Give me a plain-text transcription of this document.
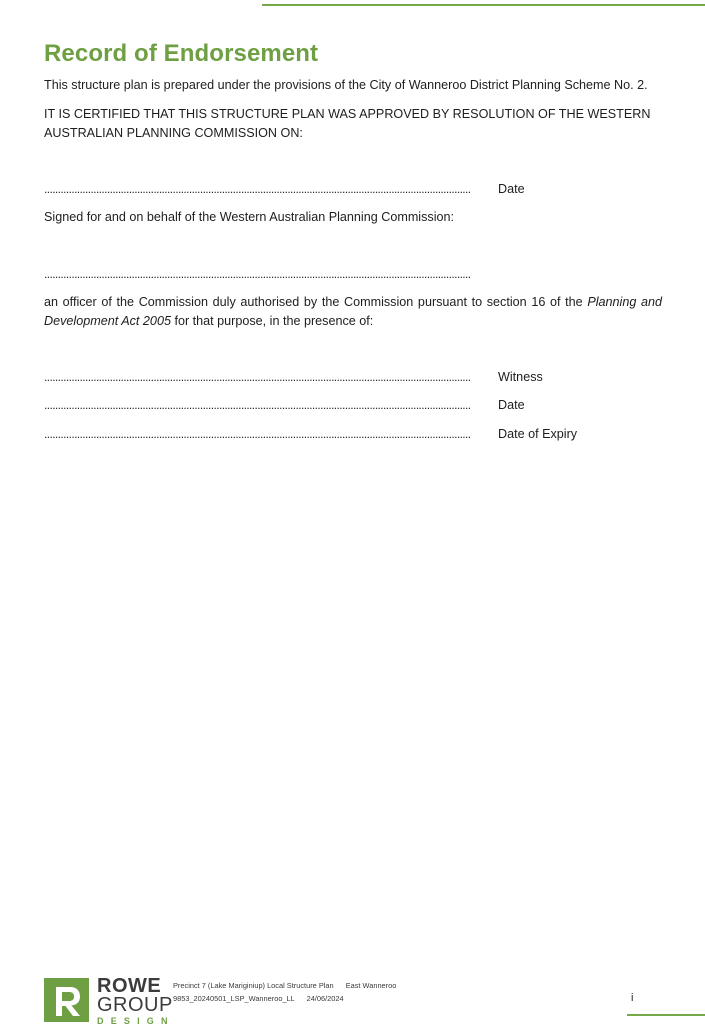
Record of Endorsement

This structure plan is prepared under the provisions of the City of Wanneroo District Planning Scheme No. 2.

IT IS CERTIFIED THAT THIS STRUCTURE PLAN WAS APPROVED BY RESOLUTION OF THE WESTERN AUSTRALIAN PLANNING COMMISSION ON:

............................................................................................................................................................	Date

Signed for and on behalf of the Western Australian Planning Commission:

............................................................................................................................................................

an officer of the Commission duly authorised by the Commission pursuant to section 16 of the Planning and Development Act 2005 for that purpose, in the presence of:

............................................................................................................................................................	Witness
............................................................................................................................................................	Date
............................................................................................................................................................	Date of Expiry
ROWE
GROUP
DESIGN
Precinct 7 (Lake Mariginiup) Local Structure Plan East Wanneroo
9853_20240501_LSP_Wanneroo_LL 24/06/2024	i
